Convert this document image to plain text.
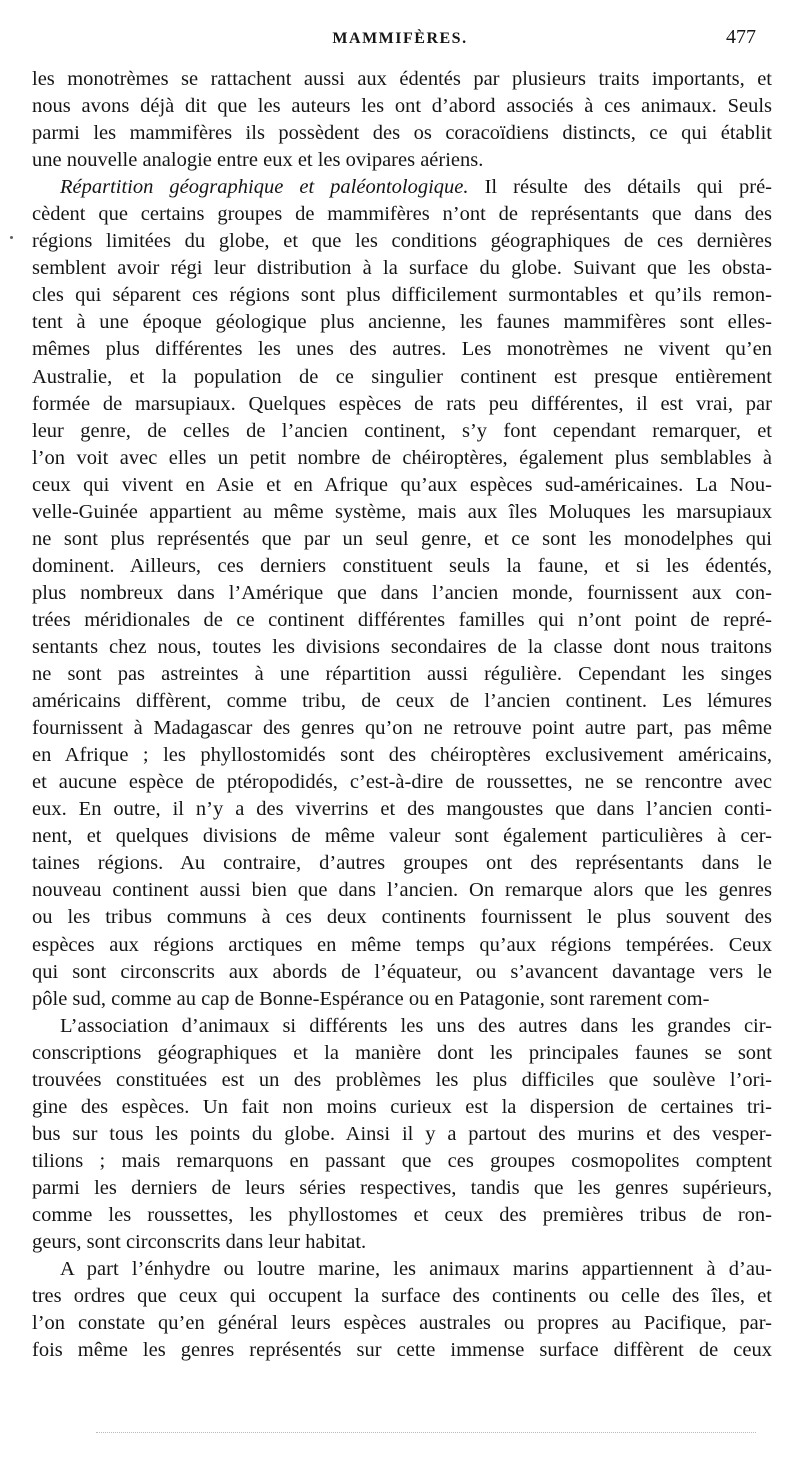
MAMMIFÈRES.	477
les monotrèmes se rattachent aussi aux édentés par plusieurs traits importants, et
nous avons déjà dit que les auteurs les ont d’abord associés à ces animaux. Seuls
parmi les mammifères ils possèdent des os coracoïdiens distincts, ce qui établit
une nouvelle analogie entre eux et les ovipares aériens.
Répartition géographique et paléontologique. Il résulte des détails qui pré-
cèdent que certains groupes de mammifères n’ont de représentants que dans des
régions limitées du globe, et que les conditions géographiques de ces dernières
semblent avoir régi leur distribution à la surface du globe. Suivant que les obsta-
cles qui séparent ces régions sont plus difficilement surmontables et qu’ils remon-
tent à une époque géologique plus ancienne, les faunes mammifères sont elles-
mêmes plus différentes les unes des autres. Les monotrèmes ne vivent qu’en
Australie, et la population de ce singulier continent est presque entièrement
formée de marsupiaux. Quelques espèces de rats peu différentes, il est vrai, par
leur genre, de celles de l’ancien continent, s’y font cependant remarquer, et
l’on voit avec elles un petit nombre de chéiroptères, également plus semblables à
ceux qui vivent en Asie et en Afrique qu’aux espèces sud-américaines. La Nou-
velle-Guinée appartient au même système, mais aux îles Moluques les marsupiaux
ne sont plus représentés que par un seul genre, et ce sont les monodelphes qui
dominent. Ailleurs, ces derniers constituent seuls la faune, et si les édentés,
plus nombreux dans l’Amérique que dans l’ancien monde, fournissent aux con-
trées méridionales de ce continent différentes familles qui n’ont point de repré-
sentants chez nous, toutes les divisions secondaires de la classe dont nous traitons
ne sont pas astreintes à une répartition aussi régulière. Cependant les singes
américains diffèrent, comme tribu, de ceux de l’ancien continent. Les lémures
fournissent à Madagascar des genres qu’on ne retrouve point autre part, pas même
en Afrique ; les phyllostomidés sont des chéiroptères exclusivement américains,
et aucune espèce de ptéropodidés, c’est-à-dire de roussettes, ne se rencontre avec
eux. En outre, il n’y a des viverrins et des mangoustes que dans l’ancien conti-
nent, et quelques divisions de même valeur sont également particulières à cer-
taines régions. Au contraire, d’autres groupes ont des représentants dans le
nouveau continent aussi bien que dans l’ancien. On remarque alors que les genres
ou les tribus communs à ces deux continents fournissent le plus souvent des
espèces aux régions arctiques en même temps qu’aux régions tempérées. Ceux
qui sont circonscrits aux abords de l’équateur, ou s’avancent davantage vers le
pôle sud, comme au cap de Bonne-Espérance ou en Patagonie, sont rarement com-
L’association d’animaux si différents les uns des autres dans les grandes cir-
conscriptions géographiques et la manière dont les principales faunes se sont
trouvées constituées est un des problèmes les plus difficiles que soulève l’ori-
gine des espèces. Un fait non moins curieux est la dispersion de certaines tri-
bus sur tous les points du globe. Ainsi il y a partout des murins et des vesper-
tilions ; mais remarquons en passant que ces groupes cosmopolites comptent
parmi les derniers de leurs séries respectives, tandis que les genres supérieurs,
comme les roussettes, les phyllostomes et ceux des premières tribus de ron-
geurs, sont circonscrits dans leur habitat.
A part l’énhydre ou loutre marine, les animaux marins appartiennent à d’au-
tres ordres que ceux qui occupent la surface des continents ou celle des îles, et
l’on constate qu’en général leurs espèces australes ou propres au Pacifique, par-
fois même les genres représentés sur cette immense surface diffèrent de ceux
